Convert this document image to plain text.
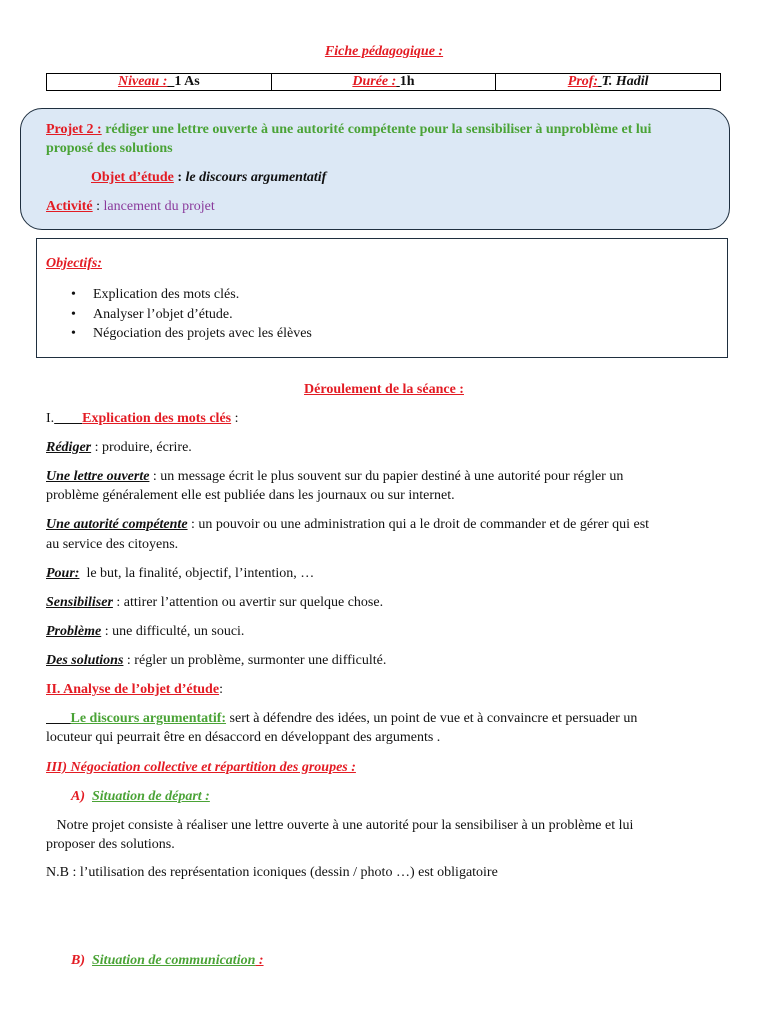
Fiche pédagogique :
Niveau : 1 As	Durée : 1h	Prof: T. Hadil
Projet 2 : rédiger une lettre ouverte à une autorité compétente pour la sensibiliser à unproblème et lui
proposé des solutions
Objet d’étude : le discours argumentatif
Activité : lancement du projet
Objectifs:
• Explication des mots clés.
• Analyser l’objet d’étude.
• Négociation des projets avec les élèves
Déroulement de la séance :
I. Explication des mots clés :
Rédiger : produire, écrire.
Une lettre ouverte : un message écrit le plus souvent sur du papier destiné à une autorité pour régler un
problème généralement elle est publiée dans les journaux ou sur internet.
Une autorité compétente : un pouvoir ou une administration qui a le droit de commander et de gérer qui est
au service des citoyens.
Pour:  le but, la finalité, objectif, l’intention, …
Sensibiliser : attirer l’attention ou avertir sur quelque chose.
Problème : une difficulté, un souci.
Des solutions : régler un problème, surmonter une difficulté.
II. Analyse de l’objet d’étude:
Le discours argumentatif: sert à défendre des idées, un point de vue et à convaincre et persuader un
locuteur qui peurrait être en désaccord en développant des arguments .
III) Négociation collective et répartition des groupes :
A) Situation de départ :
Notre projet consiste à réaliser une lettre ouverte à une autorité pour la sensibiliser à un problème et lui
proposer des solutions.
N.B : l’utilisation des représentation iconiques (dessin / photo …) est obligatoire
B) Situation de communication :
